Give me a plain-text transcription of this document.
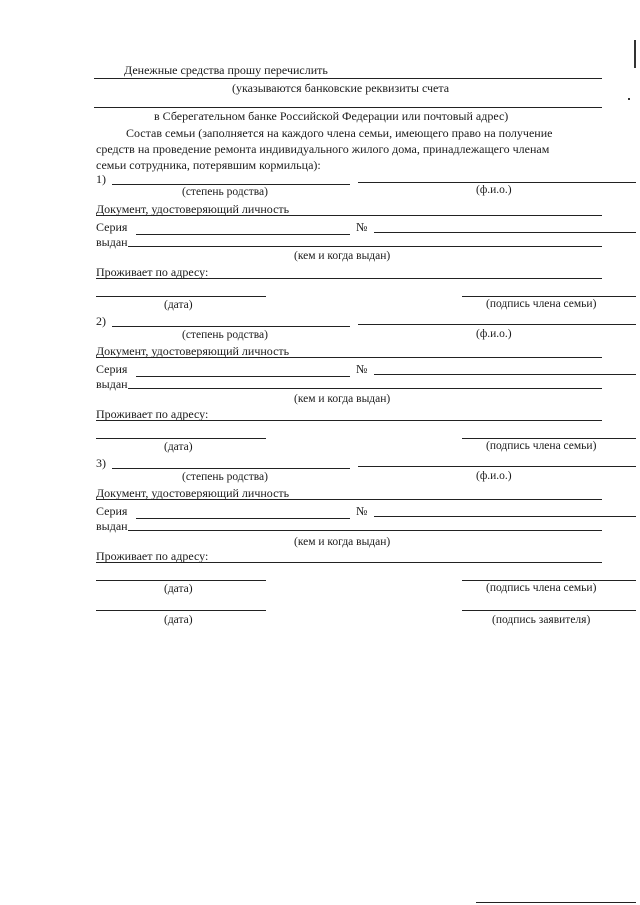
Денежные средства прошу перечислить
(указываются банковские реквизиты счета
в Сберегательном банке Российской Федерации или почтовый адрес)
Состав семьи (заполняется на каждого члена семьи, имеющего право на получение
средств на проведение ремонта индивидуального жилого дома, принадлежащего членам
семьи сотрудника, потерявшим кормильца):
1)
(степень родства)	(ф.и.о.)
Документ, удостоверяющий личность
Серия	№
выдан
(кем и когда выдан)
Проживает по адресу:
(дата)	(подпись члена семьи)
2)
(степень родства)	(ф.и.о.)
Документ, удостоверяющий личность
Серия	№
выдан
(кем и когда выдан)
Проживает по адресу:
(дата)	(подпись члена семьи)
3)
(степень родства)	(ф.и.о.)
Документ, удостоверяющий личность
Серия	№
выдан
(кем и когда выдан)
Проживает по адресу:
(дата)	(подпись члена семьи)
(дата)	(подпись заявителя)
